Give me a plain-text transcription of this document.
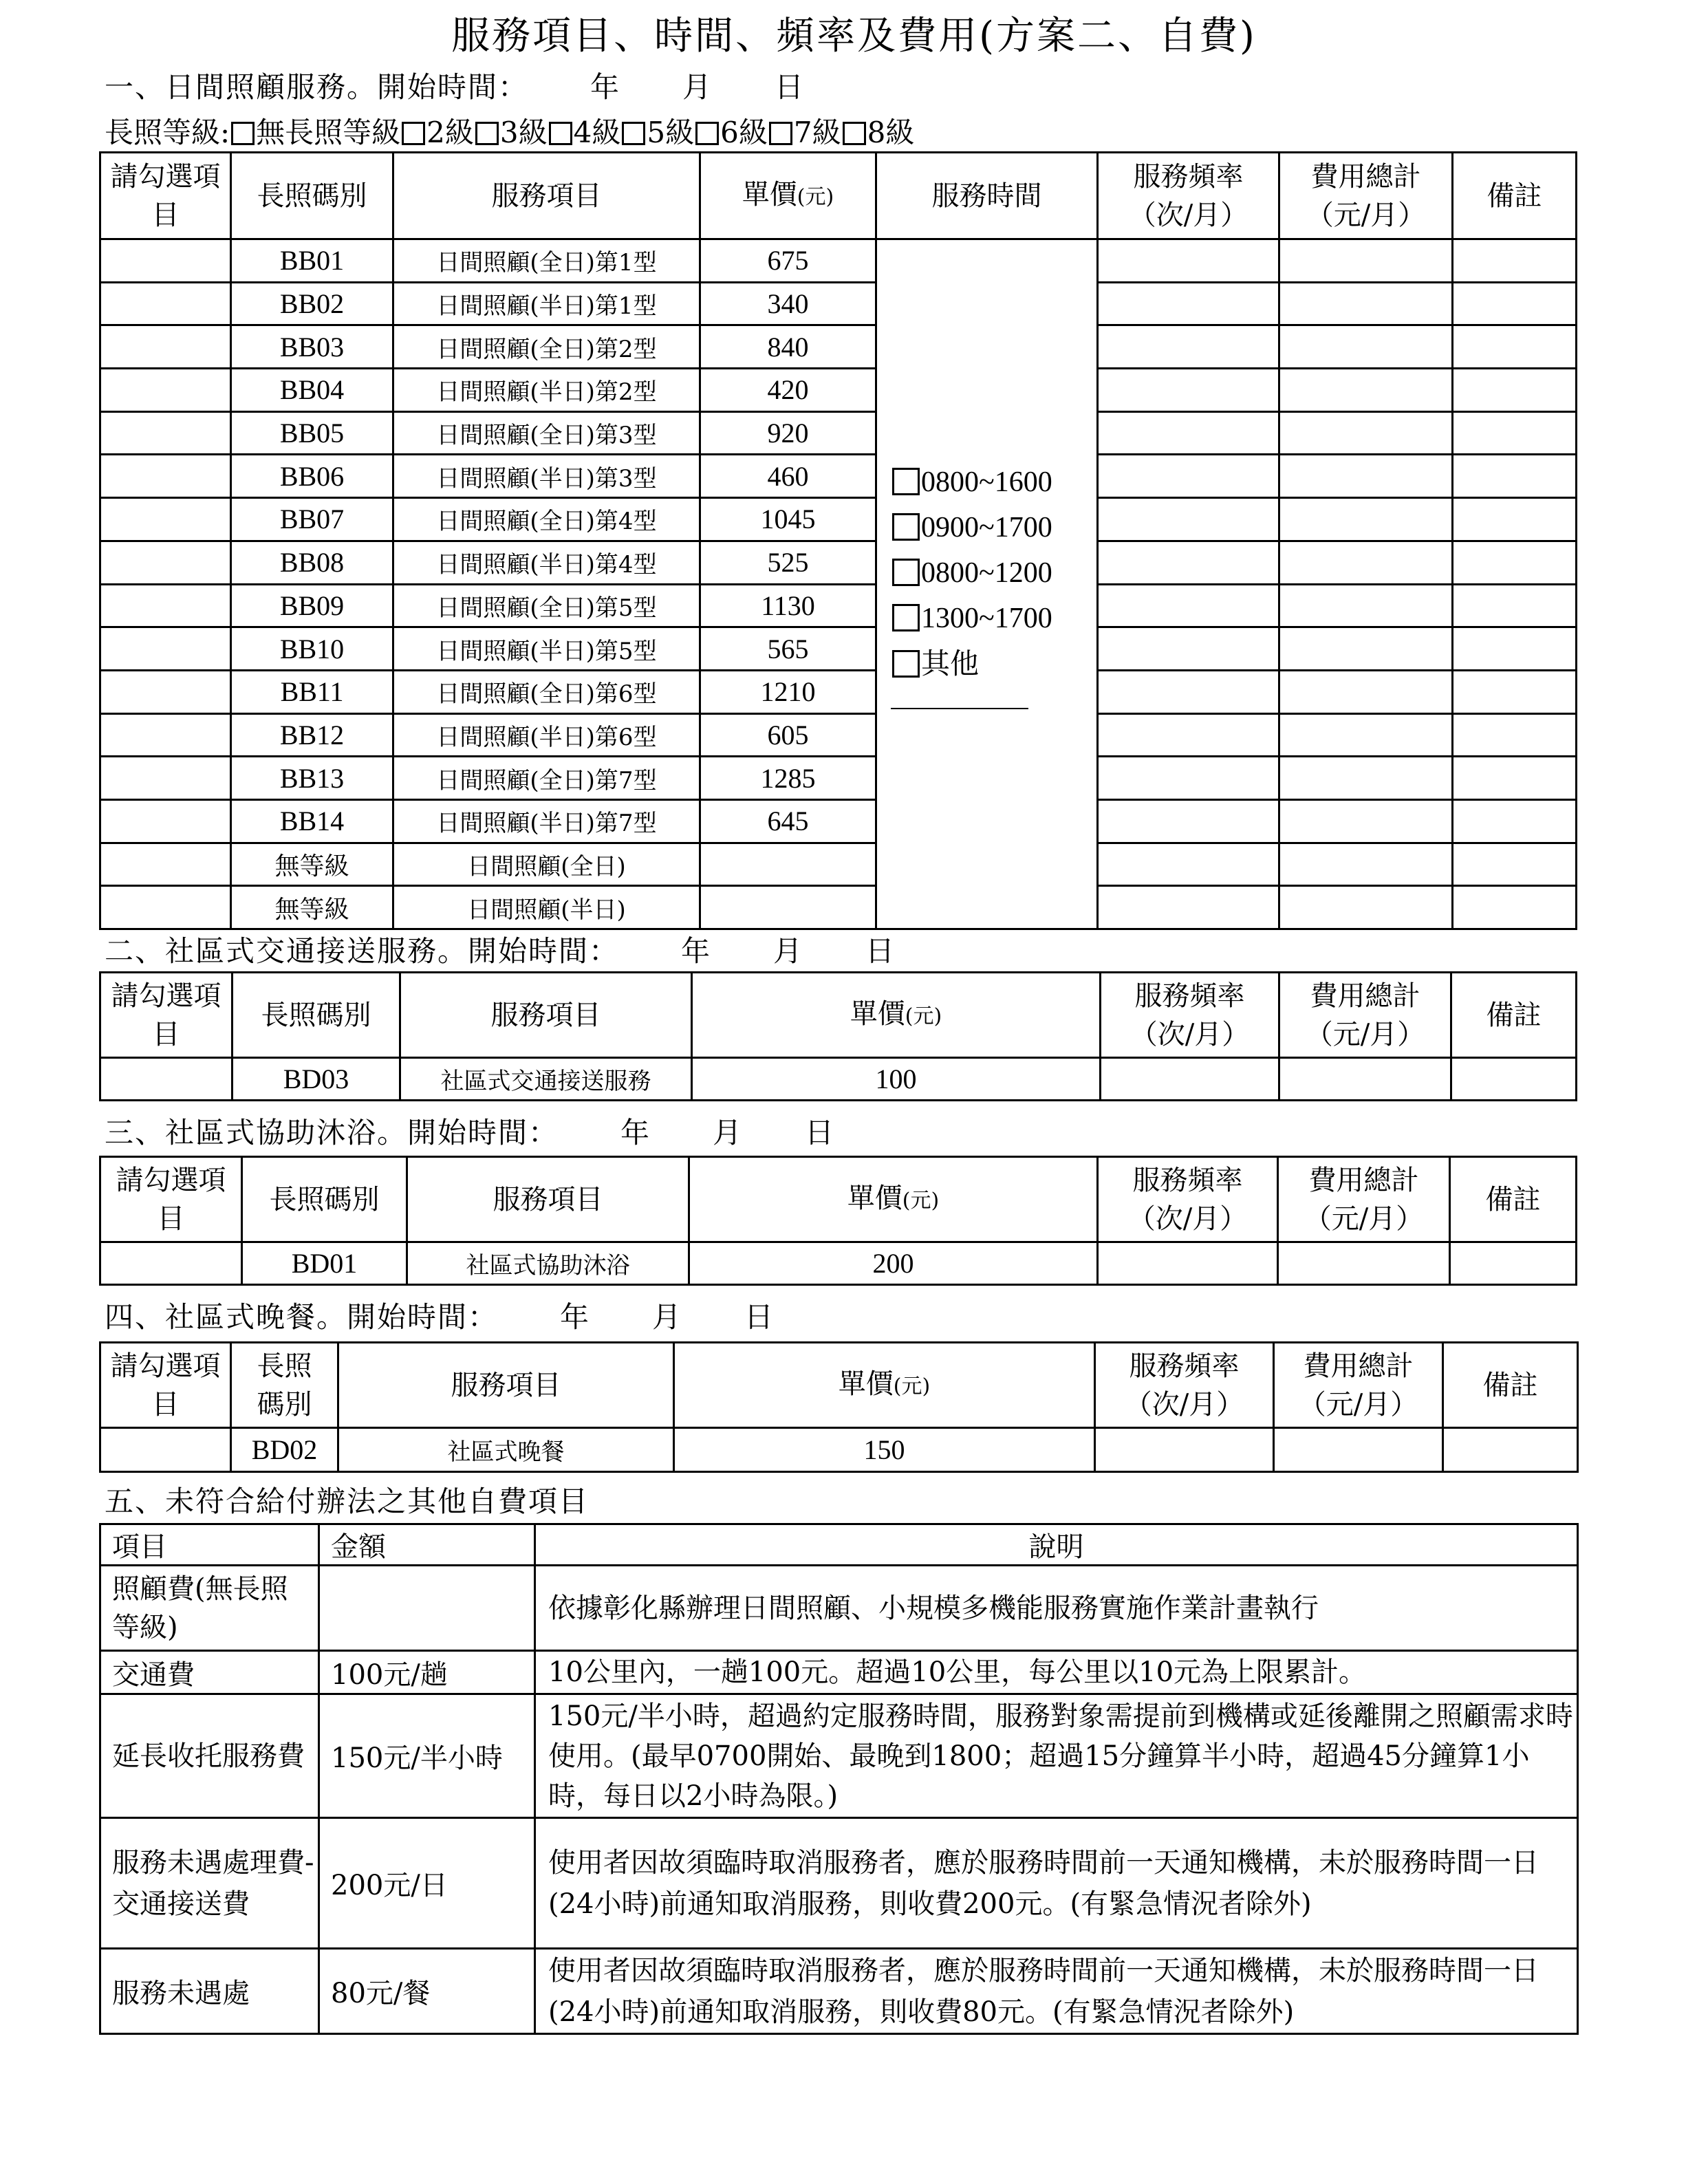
服務項目、時間、頻率及費用(方案二、自費)
一、日間照顧服務。開始時間： 年 月 日
長照等級: 無長照等級 2級 3級 4級 5級 6級 7級 8級
請勾選項目	長照碼別	服務項目	單價(元)	服務時間	服務頻率（次/月）	費用總計（元/月）	備註
	BB01	日間照顧(全日)第1型	675	0800~1600
0900~1700
0800~1200
1300~1700
其他			

	BB02	日間照顧(半日)第1型	340				
	BB03	日間照顧(全日)第2型	840				
	BB04	日間照顧(半日)第2型	420				
	BB05	日間照顧(全日)第3型	920				
	BB06	日間照顧(半日)第3型	460				
	BB07	日間照顧(全日)第4型	1045				
	BB08	日間照顧(半日)第4型	525				
	BB09	日間照顧(全日)第5型	1130				
	BB10	日間照顧(半日)第5型	565				
	BB11	日間照顧(全日)第6型	1210				
	BB12	日間照顧(半日)第6型	605				
	BB13	日間照顧(全日)第7型	1285				
	BB14	日間照顧(半日)第7型	645				
	無等級	日間照顧(全日)					
	無等級	日間照顧(半日)					
二、社區式交通接送服務。開始時間： 年 月 日
請勾選項目	長照碼別	服務項目	單價(元)	服務頻率（次/月）	費用總計（元/月）	備註
	BD03	社區式交通接送服務	100			
三、社區式協助沐浴。開始時間： 年 月 日
請勾選項目	長照碼別	服務項目	單價(元)	服務頻率（次/月）	費用總計（元/月）	備註
	BD01	社區式協助沐浴	200			
四、社區式晚餐。開始時間： 年 月 日
請勾選項目	長照碼別	服務項目	單價(元)	服務頻率（次/月）	費用總計（元/月）	備註
	BD02	社區式晚餐	150			
五、未符合給付辦法之其他自費項目
項目	金額	說明
照顧費(無長照等級)		依據彰化縣辦理日間照顧、小規模多機能服務實施作業計畫執行
交通費	100元/趟	10公里內，一趟100元。超過10公里，每公里以10元為上限累計。
延長收托服務費	150元/半小時	150元/半小時，超過約定服務時間，服務對象需提前到機構或延後離開之照顧需求時使用。(最早0700開始、最晚到1800；超過15分鐘算半小時，超過45分鐘算1小時，每日以2小時為限。)
服務未遇處理費-交通接送費	200元/日	使用者因故須臨時取消服務者，應於服務時間前一天通知機構，未於服務時間一日(24小時)前通知取消服務，則收費200元。(有緊急情況者除外)
服務未遇處	80元/餐	使用者因故須臨時取消服務者，應於服務時間前一天通知機構，未於服務時間一日(24小時)前通知取消服務，則收費80元。(有緊急情況者除外)
